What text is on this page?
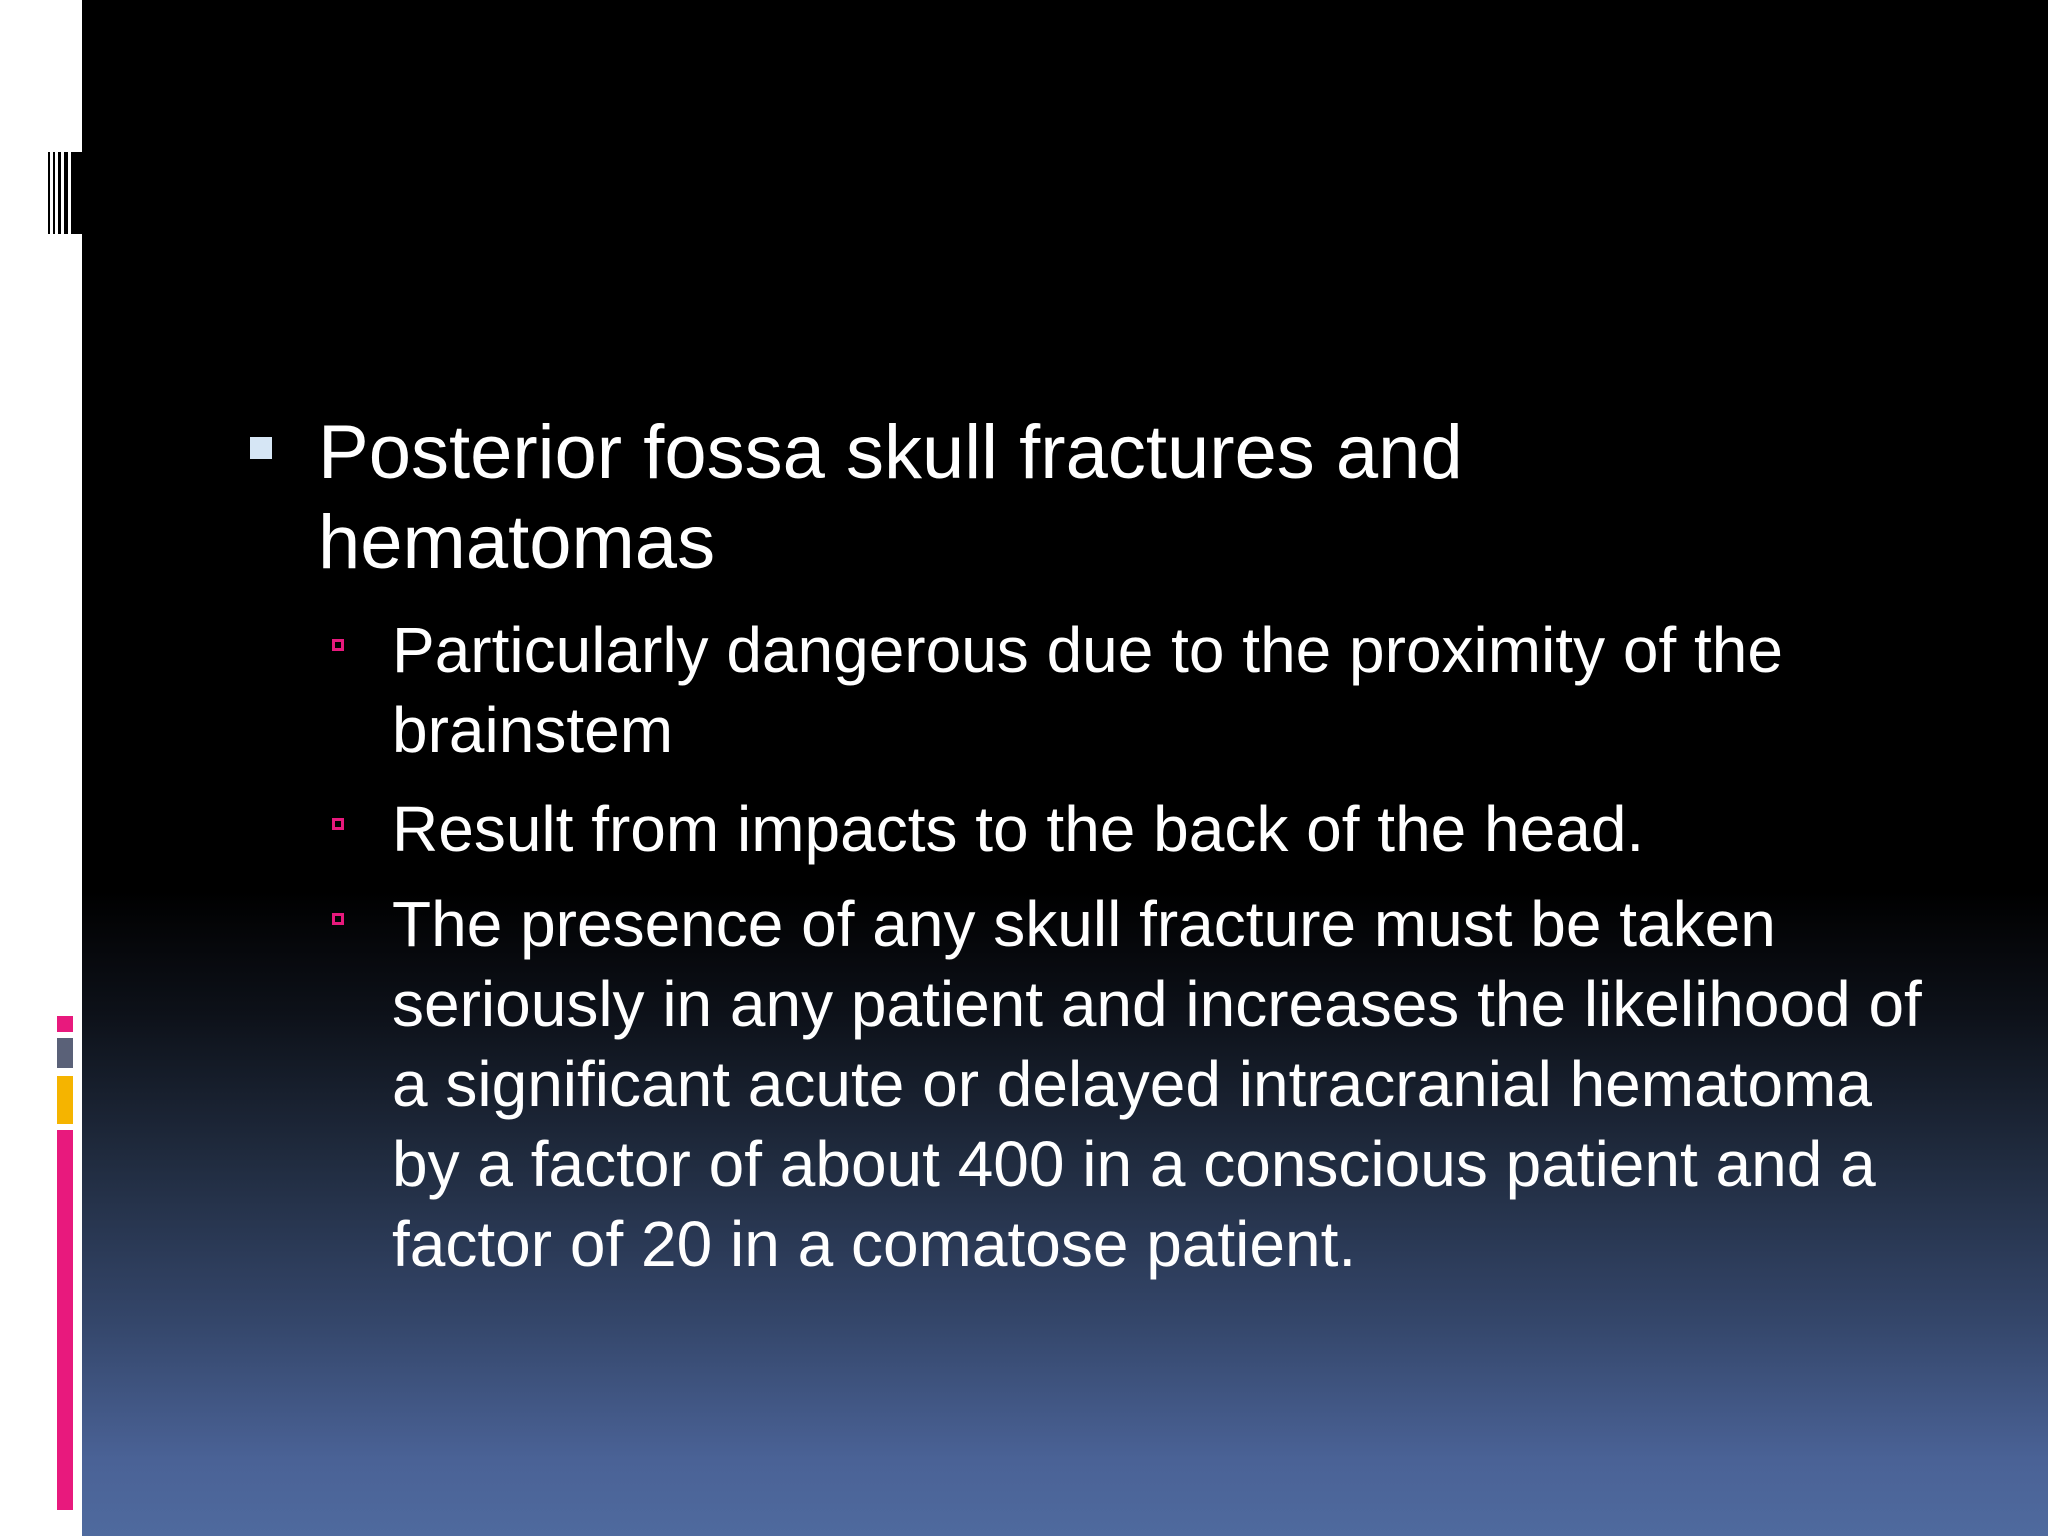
Posterior fossa skull fractures and hematomas
Particularly dangerous due to the proximity of the brainstem
Result from impacts to the back of the head.
The presence of any skull fracture must be taken seriously in any patient and increases the likelihood of a significant acute or delayed intracranial hematoma by a factor of about 400 in a conscious patient and a factor of 20 in a comatose patient.
